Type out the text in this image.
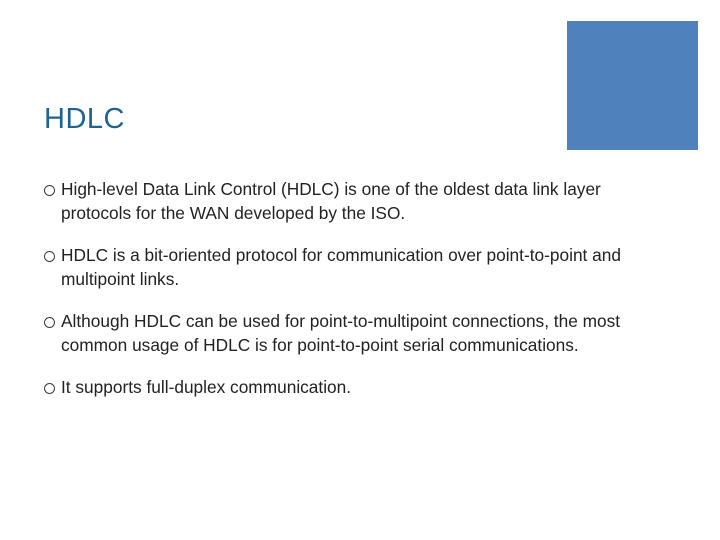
HDLC
High-level Data Link Control (HDLC) is one of the oldest data link layer protocols for the WAN developed by the ISO.
HDLC is a bit-oriented protocol for communication over point-to-point and multipoint links.
Although HDLC can be used for point-to-multipoint connections, the most common usage of HDLC is for point-to-point serial communications.
It supports full-duplex communication.
